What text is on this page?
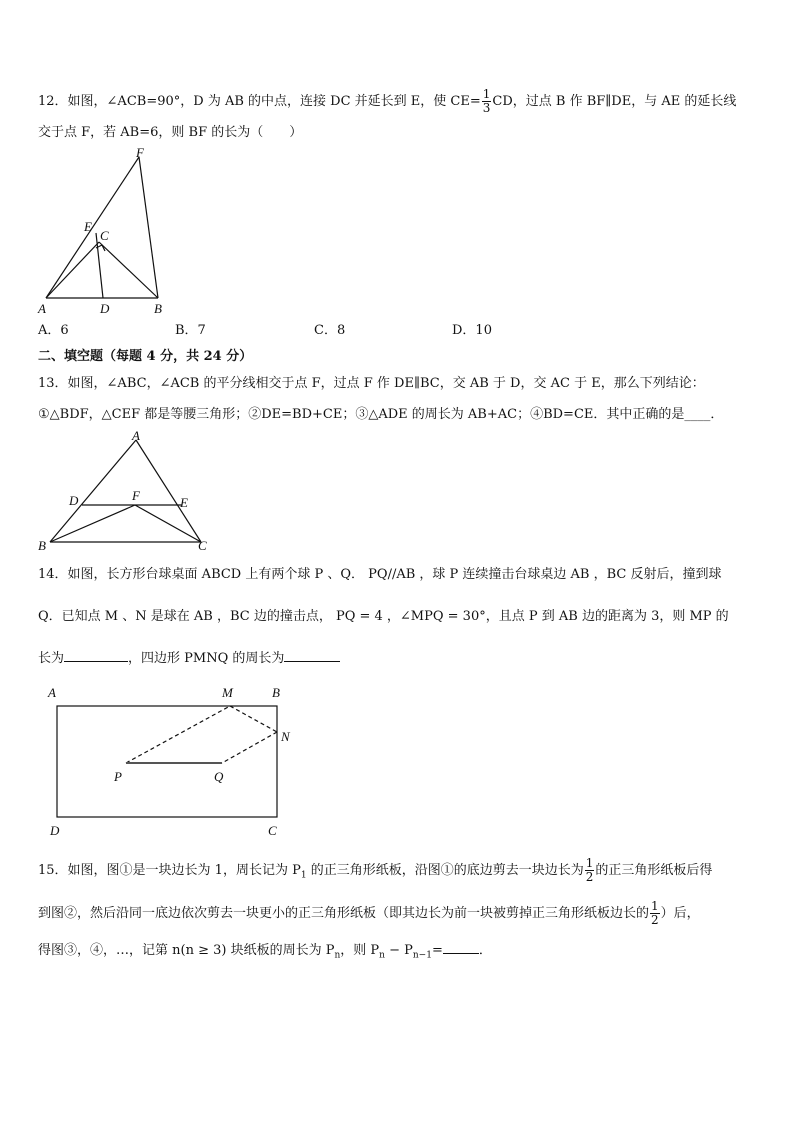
12．如图，∠ACB=90°，D 为 AB 的中点，连接 DC 并延长到 E，使 $CE= \frac{1}{3}$ CD，过点 B 作 BF∥DE，与 AE 的延长线
交于点 F，若 AB=6，则 BF 的长为（　　）
F
E
C
A	D	B
A．6	B．7	C．8	D．10
二、填空题（每题 4 分，共 24 分）
13．如图，∠ABC，∠ACB 的平分线相交于点 F，过点 F 作 DE∥BC，交 AB 于 D，交 AC 于 E，那么下列结论：
①△BDF，△CEF 都是等腰三角形；②DE=BD+CE；③△ADE 的周长为 AB+AC；④BD=CE．其中正确的是____．
A
D	F	E
B	C
14．如图，长方形台球桌面 ABCD 上有两个球 P 、Q． PQ//AB ，球 P 连续撞击台球桌边 AB ，BC 反射后，撞到球
Q．已知点 M 、N 是球在 AB ，BC 边的撞击点， PQ = 4 ，∠MPQ = 30°，且点 P 到 AB 边的距离为 3，则 MP 的
长为	，四边形 PMNQ 的周长为
A	M	B
N
P	Q
D	C
15．如图，图①是一块边长为 1，周长记为 $P_1$ 的正三角形纸板，沿图①的底边剪去一块边长为 $\frac{1}{2}$ 的正三角形纸板后得
到图②，然后沿同一底边依次剪去一块更小的正三角形纸板（即其边长为前一块被剪掉正三角形纸板边长的 $\frac{1}{2}$ ）后，
得图③，④，…，记第 n(n ≥ 3) 块纸板的周长为 $P_n$，则 $P_n - P_{n-1}=$	．
